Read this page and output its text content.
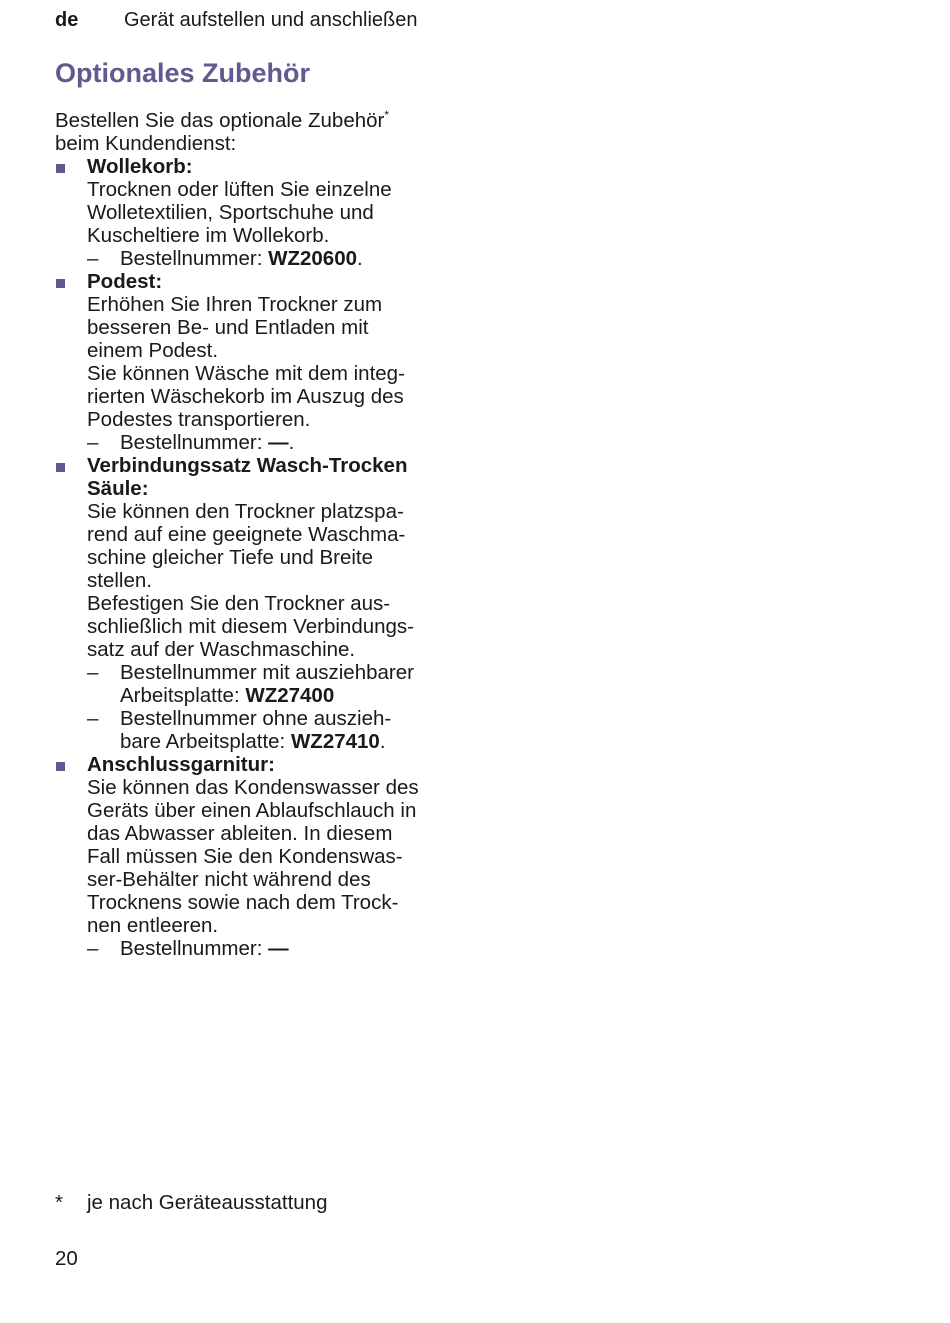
de Gerät aufstellen und anschließen
Optionales Zubehör

Bestellen Sie das optionale Zubehör*
beim Kundendienst:

Wollekorb:
Trocknen oder lüften Sie einzelne
Wolletextilien, Sportschuhe und
Kuscheltiere im Wollekorb.
– Bestellnummer: WZ20600.
Podest:
Erhöhen Sie Ihren Trockner zum
besseren Be- und Entladen mit
einem Podest.
Sie können Wäsche mit dem integ-
rierten Wäschekorb im Auszug des
Podestes transportieren.
– Bestellnummer: —.
Verbindungssatz Wasch-Trocken
Säule:
Sie können den Trockner platzspa-
rend auf eine geeignete Waschma-
schine gleicher Tiefe und Breite
stellen.
Befestigen Sie den Trockner aus-
schließlich mit diesem Verbindungs-
satz auf der Waschmaschine.
– Bestellnummer mit ausziehbarer
Arbeitsplatte: WZ27400
– Bestellnummer ohne auszieh-
bare Arbeitsplatte: WZ27410.
Anschlussgarnitur:
Sie können das Kondenswasser des
Geräts über einen Ablaufschlauch in
das Abwasser ableiten. In diesem
Fall müssen Sie den Kondenswas-
ser-Behälter nicht während des
Trocknens sowie nach dem Trock-
nen entleeren.
– Bestellnummer: —
* je nach Geräteausstattung
20
